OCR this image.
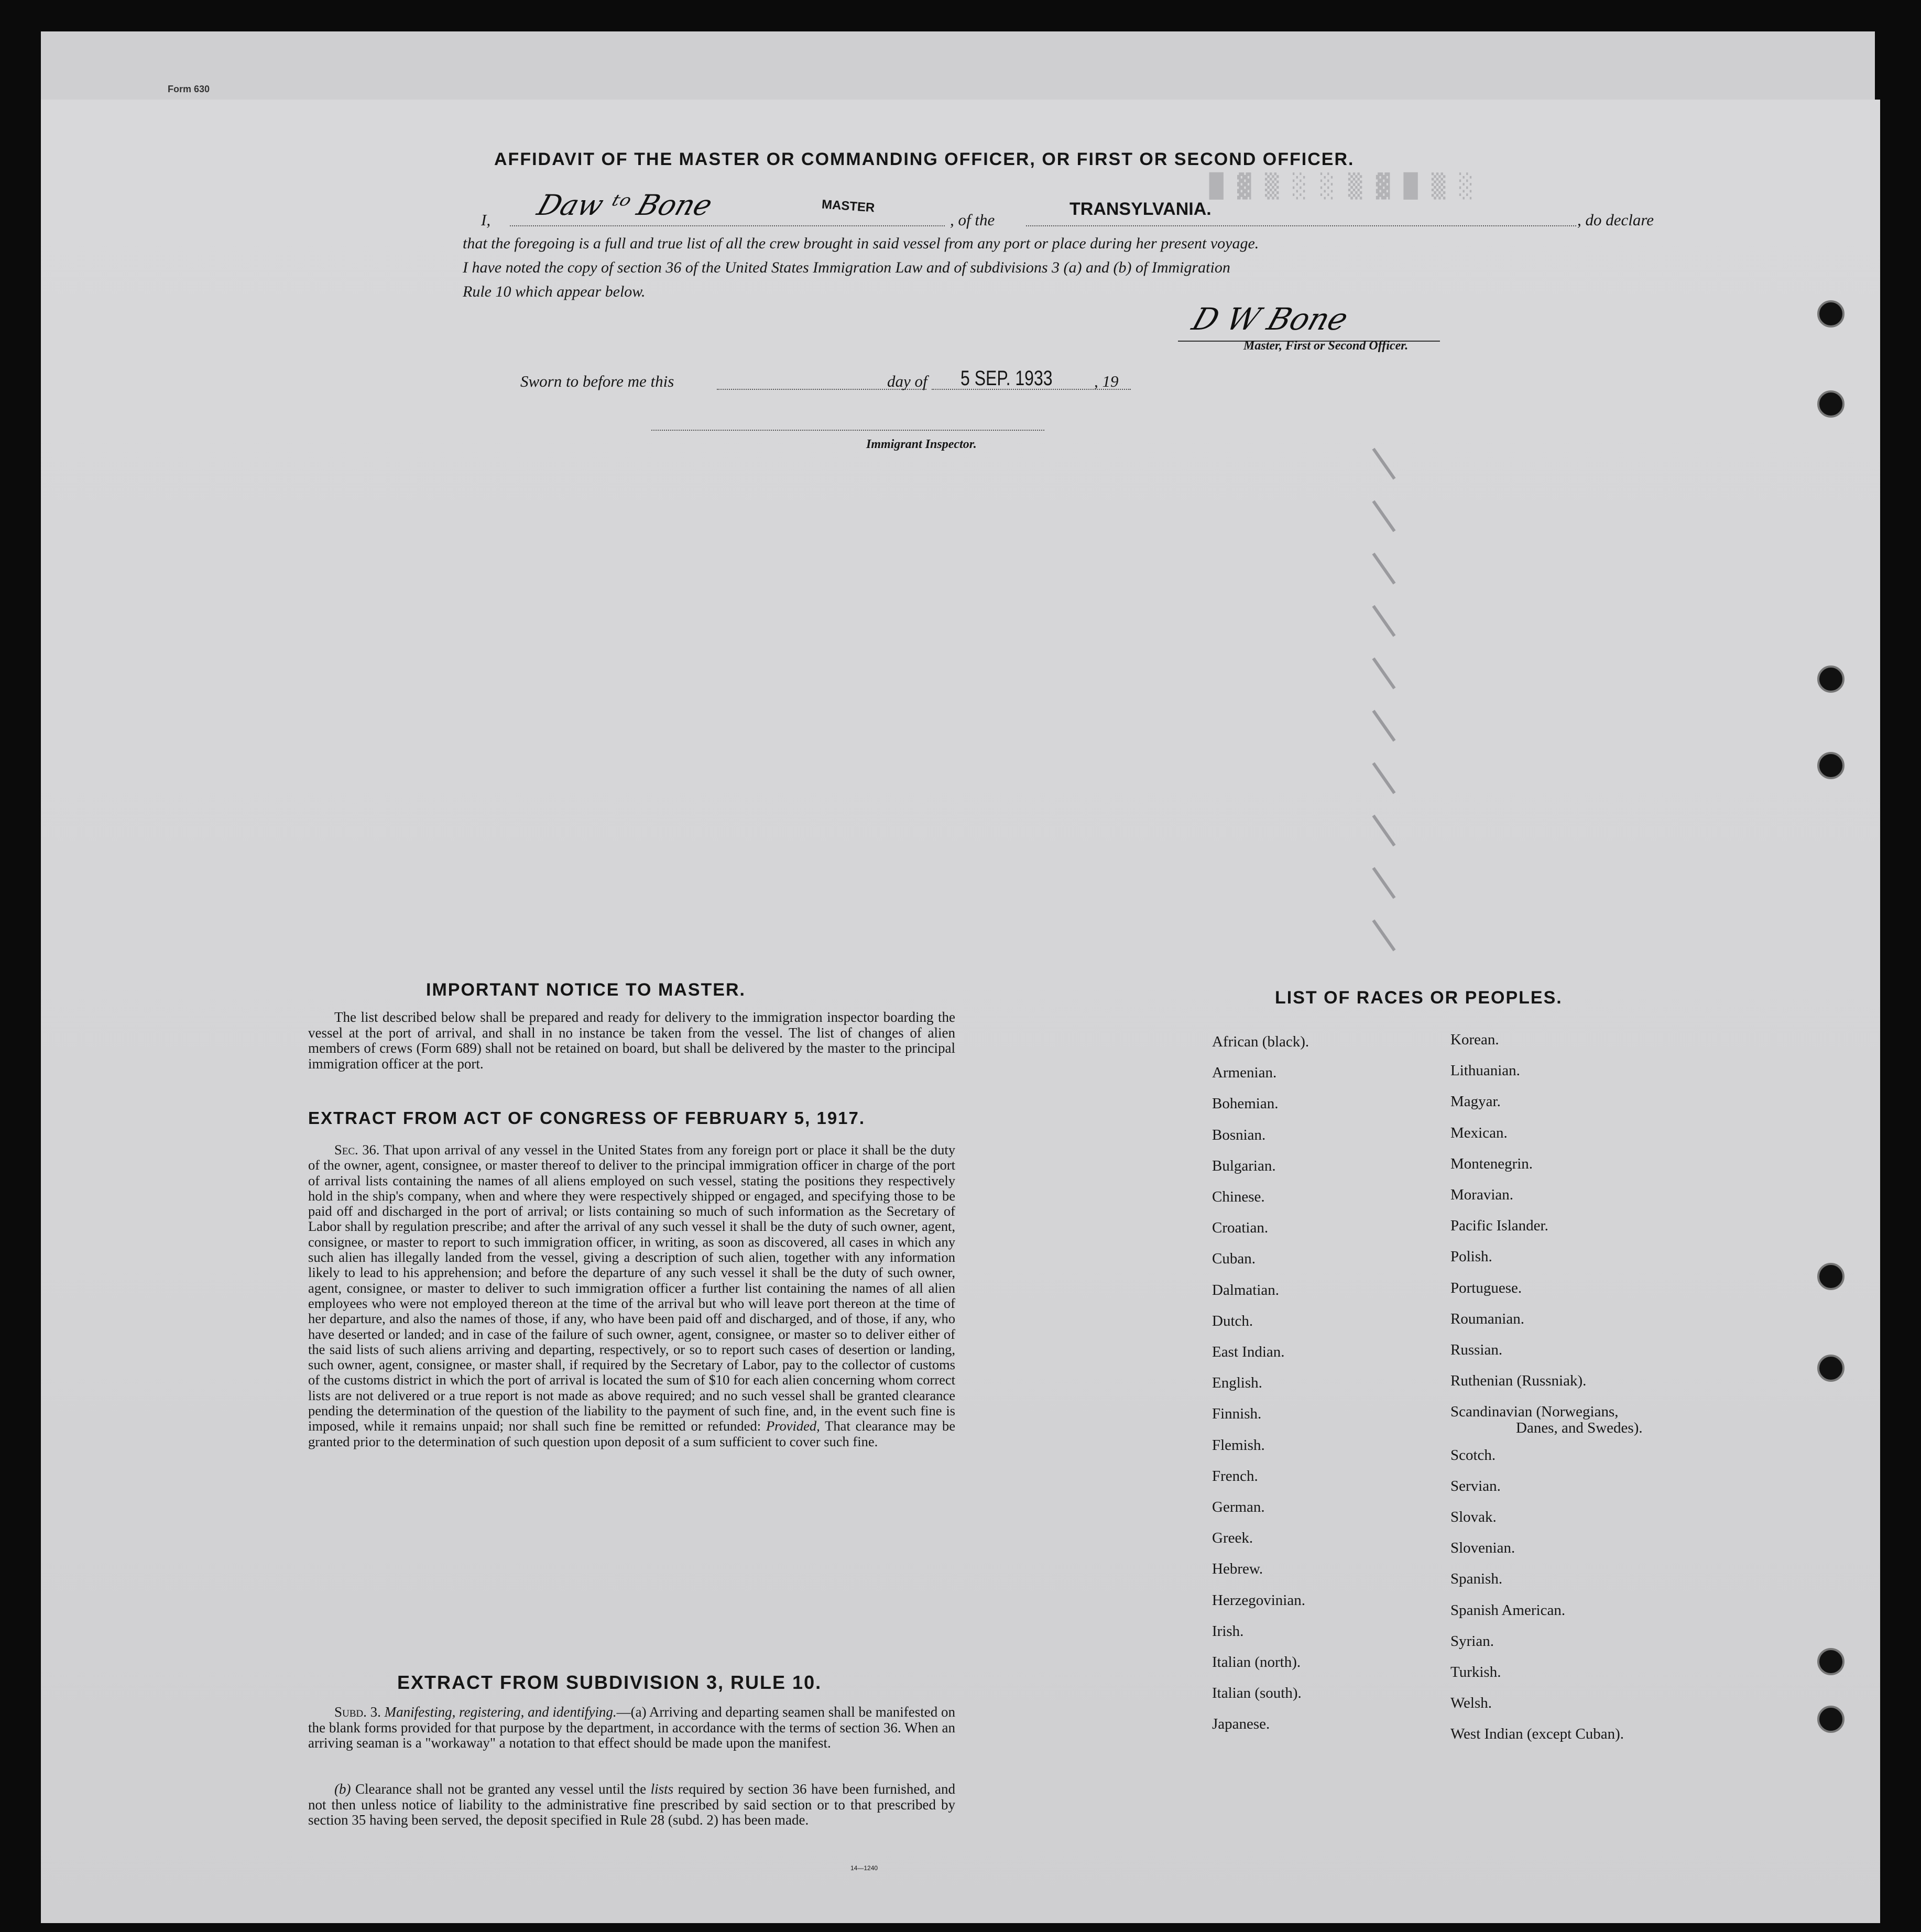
Form 630
█ ▓ ▒ ░ ░ ▒ ▓ █ ▒ ░
AFFIDAVIT OF THE MASTER OR COMMANDING OFFICER, OR FIRST OR SECOND OFFICER.
I, Daw ᵗᵒ Bone	MASTER
, of the
TRANSYLVANIA.
, do declare
that the foregoing is a full and true list of all the crew brought in said vessel from any port or place during her present voyage.
I have noted the copy of section 36 of the United States Immigration Law and of subdivisions 3 (a) and (b) of Immigration
Rule 10 which appear below.
D W Bone
Master, First or Second Officer.
Sworn to before me this	day of 5 SEP. 1933	, 19
Immigrant Inspector.
IMPORTANT NOTICE TO MASTER.
The list described below shall be prepared and ready for delivery to the immigration inspector boarding the vessel at the port of arrival, and shall in no instance be taken from the vessel. The list of changes of alien members of crews (Form 689) shall not be retained on board, but shall be delivered by the master to the principal immigration officer at the port.
EXTRACT FROM ACT OF CONGRESS OF FEBRUARY 5, 1917.
Sec. 36. That upon arrival of any vessel in the United States from any foreign port or place it shall be the duty of the owner, agent, consignee, or master thereof to deliver to the principal immigration officer in charge of the port of arrival lists containing the names of all aliens employed on such vessel, stating the positions they respectively hold in the ship's company, when and where they were respectively shipped or engaged, and specifying those to be paid off and discharged in the port of arrival; or lists containing so much of such information as the Secretary of Labor shall by regulation prescribe; and after the arrival of any such vessel it shall be the duty of such owner, agent, consignee, or master to report to such immigration officer, in writing, as soon as discovered, all cases in which any such alien has illegally landed from the vessel, giving a description of such alien, together with any information likely to lead to his apprehension; and before the departure of any such vessel it shall be the duty of such owner, agent, consignee, or master to deliver to such immigration officer a further list containing the names of all alien employees who were not employed thereon at the time of the arrival but who will leave port thereon at the time of her departure, and also the names of those, if any, who have been paid off and discharged, and of those, if any, who have deserted or landed; and in case of the failure of such owner, agent, consignee, or master so to deliver either of the said lists of such aliens arriving and departing, respectively, or so to report such cases of desertion or landing, such owner, agent, consignee, or master shall, if required by the Secretary of Labor, pay to the collector of customs of the customs district in which the port of arrival is located the sum of $10 for each alien concerning whom correct lists are not delivered or a true report is not made as above required; and no such vessel shall be granted clearance pending the determination of the question of the liability to the payment of such fine, and, in the event such fine is imposed, while it remains unpaid; nor shall such fine be remitted or refunded: Provided, That clearance may be granted prior to the determination of such question upon deposit of a sum sufficient to cover such fine.
EXTRACT FROM SUBDIVISION 3, RULE 10.
Subd. 3. Manifesting, registering, and identifying.—(a) Arriving and departing seamen shall be manifested on the blank forms provided for that purpose by the department, in accordance with the terms of section 36. When an arriving seaman is a "workaway" a notation to that effect should be made upon the manifest.
(b) Clearance shall not be granted any vessel until the lists required by section 36 have been furnished, and not then unless notice of liability to the administrative fine prescribed by said section or to that prescribed by section 35 having been served, the deposit specified in Rule 28 (subd. 2) has been made.
14—1240
LIST OF RACES OR PEOPLES.
African (black).
Armenian.
Bohemian.
Bosnian.
Bulgarian.
Chinese.
Croatian.
Cuban.
Dalmatian.
Dutch.
East Indian.
English.
Finnish.
Flemish.
French.
German.
Greek.
Hebrew.
Herzegovinian.
Irish.
Italian (north).
Italian (south).
Japanese.
Korean.
Lithuanian.
Magyar.
Mexican.
Montenegrin.
Moravian.
Pacific Islander.
Polish.
Portuguese.
Roumanian.
Russian.
Ruthenian (Russniak).
Scandinavian (Norwegians,
Scotch.
Servian.
Slovak.
Slovenian.
Spanish.
Spanish American.
Syrian.
Turkish.
Welsh.
West Indian (except Cuban).
Danes, and Swedes).
